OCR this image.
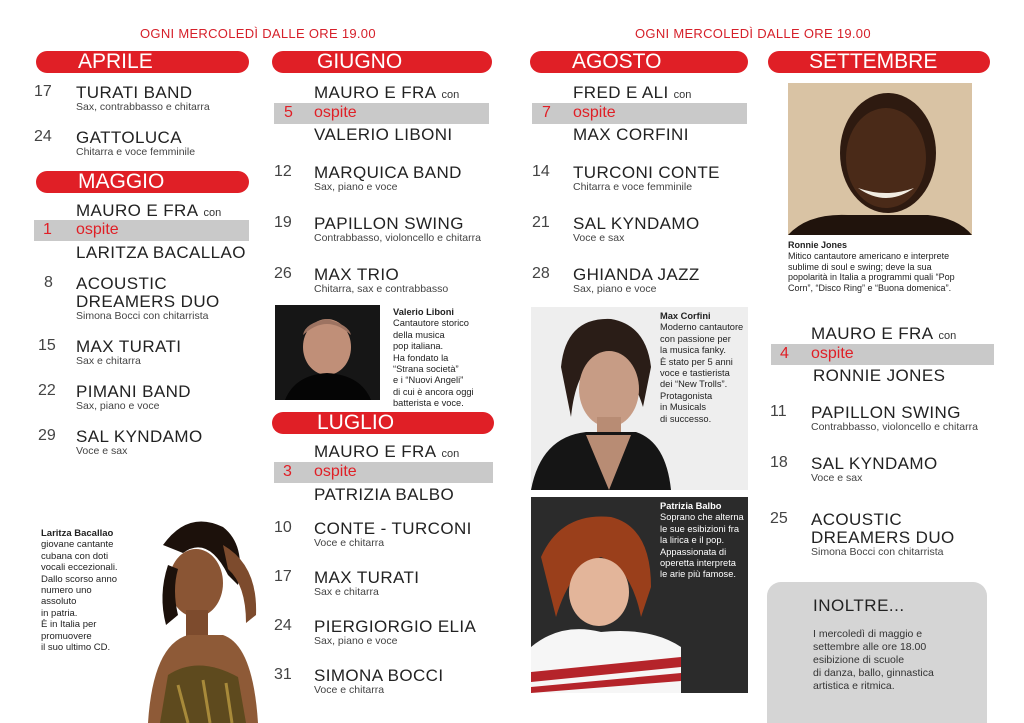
OGNI MERCOLEDÌ DALLE ORE 19.00	OGNI MERCOLEDÌ DALLE ORE 19.00
APRILE
17 TURATI BAND
Sax, contrabbasso e chitarra
24 GATTOLUCA
Chitarra e voce femminile
MAGGIO
MAURO E FRA con
1 ospite
LARITZA BACALLAO
8 ACOUSTIC
DREAMERS DUO
Simona Bocci con chitarrista
15 MAX TURATI
Sax e chitarra
22 PIMANI BAND
Sax, piano e voce
29 SAL KYNDAMO
Voce e sax
Laritza Bacallao
giovane cantante
cubana con doti
vocali eccezionali.
Dallo scorso anno
numero uno
assoluto
in patria.
È in Italia per
promuovere
il suo ultimo CD.
GIUGNO
MAURO E FRA con
5 ospite
VALERIO LIBONI
12 MARQUICA BAND
Sax, piano e voce
19 PAPILLON SWING
Contrabbasso, violoncello e chitarra
26 MAX TRIO
Chitarra, sax e contrabbasso
Valerio Liboni
Cantautore storico
della musica
pop italiana.
Ha fondato la
“Strana società”
e i “Nuovi Angeli”
di cui è ancora oggi
batterista e voce.
LUGLIO
MAURO E FRA con
3 ospite
PATRIZIA BALBO
10 CONTE - TURCONI
Voce e chitarra
17 MAX TURATI
Sax e chitarra
24 PIERGIORGIO ELIA
Sax, piano e voce
31 SIMONA BOCCI
Voce e chitarra
AGOSTO
FRED E ALI con
7 ospite
MAX CORFINI
14 TURCONI CONTE
Chitarra e voce femminile
21 SAL KYNDAMO
Voce e sax
28 GHIANDA JAZZ
Sax, piano e voce
Max Corfini
Moderno cantautore
con passione per
la musica fanky.
È stato per 5 anni
voce e tastierista
dei “New Trolls”.
Protagonista
in Musicals
di successo.
Patrizia Balbo
Soprano che alterna
le sue esibizioni fra
la lirica e il pop.
Appassionata di
operetta interpreta
le arie più famose.
SETTEMBRE
Ronnie Jones
Mitico cantautore americano e interprete
sublime di soul e swing; deve la sua
popolarità in Italia a programmi quali “Pop
Corn”, “Disco Ring” e “Buona domenica”.
MAURO E FRA con
4 ospite
RONNIE JONES
11 PAPILLON SWING
Contrabbasso, violoncello e chitarra
18 SAL KYNDAMO
Voce e sax
25 ACOUSTIC
DREAMERS DUO
Simona Bocci con chitarrista
INOLTRE...
I mercoledì di maggio e
settembre alle ore 18.00
esibizione di scuole
di danza, ballo, ginnastica
artistica e ritmica.
